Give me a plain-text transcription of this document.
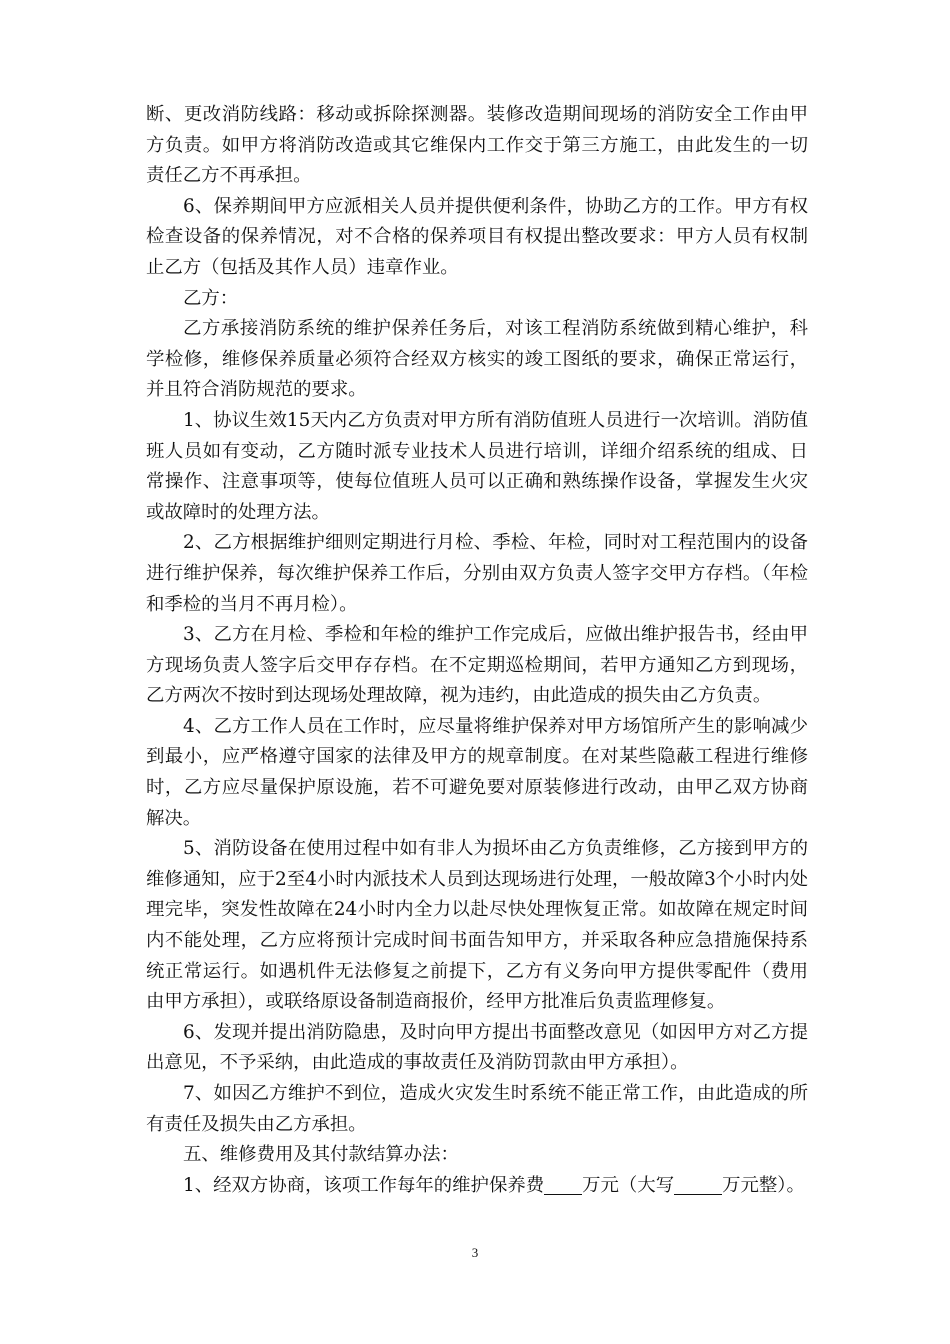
断、更改消防线路：移动或拆除探测器。装修改造期间现场的消防安全工作由甲方负责。如甲方将消防改造或其它维保内工作交于第三方施工，由此发生的一切责任乙方不再承担。

6、保养期间甲方应派相关人员并提供便利条件，协助乙方的工作。甲方有权检查设备的保养情况，对不合格的保养项目有权提出整改要求：甲方人员有权制止乙方（包括及其作人员）违章作业。

乙方：

乙方承接消防系统的维护保养任务后，对该工程消防系统做到精心维护，科学检修，维修保养质量必须符合经双方核实的竣工图纸的要求，确保正常运行，并且符合消防规范的要求。

1、协议生效15天内乙方负责对甲方所有消防值班人员进行一次培训。消防值班人员如有变动，乙方随时派专业技术人员进行培训，详细介绍系统的组成、日常操作、注意事项等，使每位值班人员可以正确和熟练操作设备，掌握发生火灾或故障时的处理方法。

2、乙方根据维护细则定期进行月检、季检、年检，同时对工程范围内的设备进行维护保养，每次维护保养工作后，分别由双方负责人签字交甲方存档。（年检和季检的当月不再月检）。

3、乙方在月检、季检和年检的维护工作完成后，应做出维护报告书，经由甲方现场负责人签字后交甲存存档。在不定期巡检期间，若甲方通知乙方到现场，乙方两次不按时到达现场处理故障，视为违约，由此造成的损失由乙方负责。

4、乙方工作人员在工作时，应尽量将维护保养对甲方场馆所产生的影响减少到最小，应严格遵守国家的法律及甲方的规章制度。在对某些隐蔽工程进行维修时，乙方应尽量保护原设施，若不可避免要对原装修进行改动，由甲乙双方协商解决。

5、消防设备在使用过程中如有非人为损坏由乙方负责维修，乙方接到甲方的维修通知，应于2至4小时内派技术人员到达现场进行处理，一般故障3个小时内处理完毕，突发性故障在24小时内全力以赴尽快处理恢复正常。如故障在规定时间内不能处理，乙方应将预计完成时间书面告知甲方，并采取各种应急措施保持系统正常运行。如遇机件无法修复之前提下，乙方有义务向甲方提供零配件（费用由甲方承担），或联络原设备制造商报价，经甲方批准后负责监理修复。

6、发现并提出消防隐患，及时向甲方提出书面整改意见（如因甲方对乙方提出意见，不予采纳，由此造成的事故责任及消防罚款由甲方承担）。

7、如因乙方维护不到位，造成火灾发生时系统不能正常工作，由此造成的所有责任及损失由乙方承担。

五、维修费用及其付款结算办法：

1、经双方协商，该项工作每年的维护保养费 万元（大写	万元整）。

3
